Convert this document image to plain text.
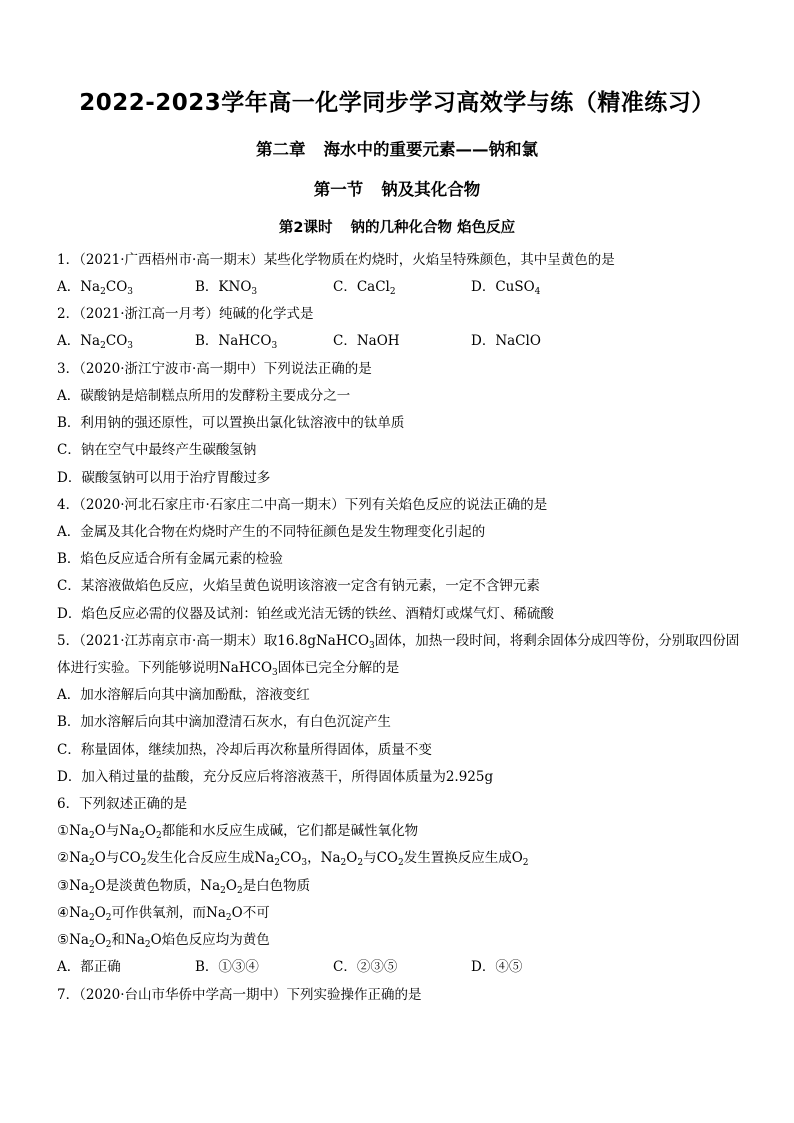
2022-2023学年高一化学同步学习高效学与练（精准练习）
第二章 海水中的重要元素——钠和氯
第一节 钠及其化合物
第2课时 钠的几种化合物 焰色反应
1．（2021·广西梧州市·高一期末）某些化学物质在灼烧时，火焰呈特殊颜色，其中呈黄色的是
A．$Na_2CO_3$	B．$KNO_3$	C．CaCl$_2$	D．CuSO$_4$
2．（2021·浙江高一月考）纯碱的化学式是
A．$Na_2CO_3$	B．NaHCO$_3$	C．NaOH	D．NaClO
3．（2020·浙江宁波市·高一期中）下列说法正确的是
A．碳酸钠是焙制糕点所用的发酵粉主要成分之一
B．利用钠的强还原性，可以置换出氯化钛溶液中的钛单质
C．钠在空气中最终产生碳酸氢钠
D．碳酸氢钠可以用于治疗胃酸过多
4．（2020·河北石家庄市·石家庄二中高一期末）下列有关焰色反应的说法正确的是
A．金属及其化合物在灼烧时产生的不同特征颜色是发生物理变化引起的
B．焰色反应适合所有金属元素的检验
C．某溶液做焰色反应，火焰呈黄色说明该溶液一定含有钠元素，一定不含钾元素
D．焰色反应必需的仪器及试剂：铂丝或光洁无锈的铁丝、酒精灯或煤气灯、稀硫酸
5．（2021·江苏南京市·高一期末）取16.8gNaHCO$_3$固体，加热一段时间，将剩余固体分成四等份，分别取四份固
体进行实验。下列能够说明NaHCO$_3$固体已完全分解的是
A．加水溶解后向其中滴加酚酞，溶液变红
B．加水溶解后向其中滴加澄清石灰水，有白色沉淀产生
C．称量固体，继续加热，冷却后再次称量所得固体，质量不变
D．加入稍过量的盐酸，充分反应后将溶液蒸干，所得固体质量为2.925g
6．下列叙述正确的是
$①Na_2O$与$Na_2O_2$都能和水反应生成碱，它们都是碱性氧化物
$②Na_2O$与$CO_2$发生化合反应生成$Na_2CO_3$，$Na_2O_2$与$CO_2$发生置换反应生成$O_2$
$③Na_2O$是淡黄色物质，$Na_2O_2$是白色物质
$④Na_2O_2$可作供氧剂，而$Na_2O$不可
$⑤Na_2O_2$和$Na_2O$焰色反应均为黄色
A．都正确	B．①③④	C．②③⑤	D．④⑤
7．（2020·台山市华侨中学高一期中）下列实验操作正确的是
